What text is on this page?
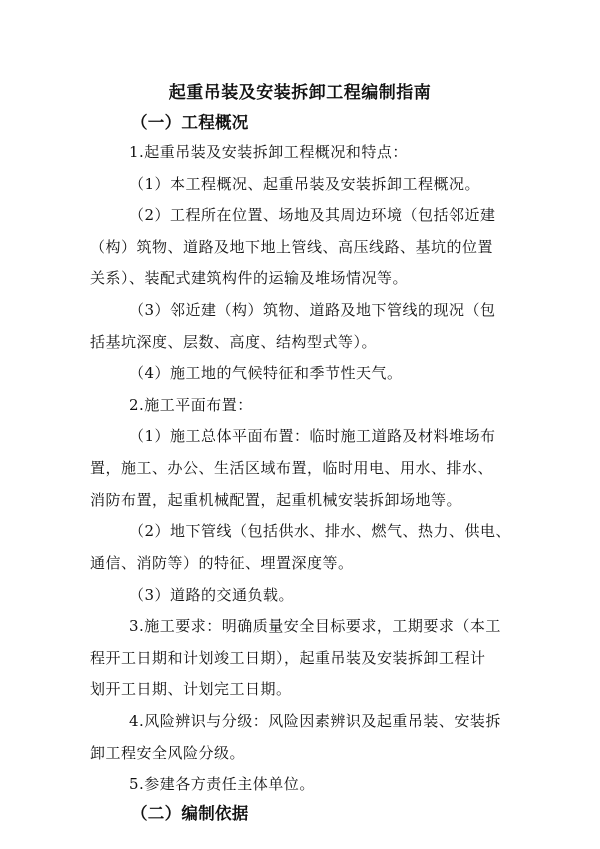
起重吊装及安装拆卸工程编制指南
（一）工程概况
1.起重吊装及安装拆卸工程概况和特点：
（1）本工程概况、起重吊装及安装拆卸工程概况。
（2）工程所在位置、场地及其周边环境（包括邻近建
（构）筑物、道路及地下地上管线、高压线路、基坑的位置
关系）、装配式建筑构件的运输及堆场情况等。
（3）邻近建（构）筑物、道路及地下管线的现况（包
括基坑深度、层数、高度、结构型式等）。
（4）施工地的气候特征和季节性天气。
2.施工平面布置：
（1）施工总体平面布置：临时施工道路及材料堆场布
置，施工、办公、生活区域布置，临时用电、用水、排水、
消防布置，起重机械配置，起重机械安装拆卸场地等。
（2）地下管线（包括供水、排水、燃气、热力、供电、
通信、消防等）的特征、埋置深度等。
（3）道路的交通负载。
3.施工要求：明确质量安全目标要求，工期要求（本工
程开工日期和计划竣工日期），起重吊装及安装拆卸工程计
划开工日期、计划完工日期。
4.风险辨识与分级：风险因素辨识及起重吊装、安装拆
卸工程安全风险分级。
5.参建各方责任主体单位。
（二）编制依据
